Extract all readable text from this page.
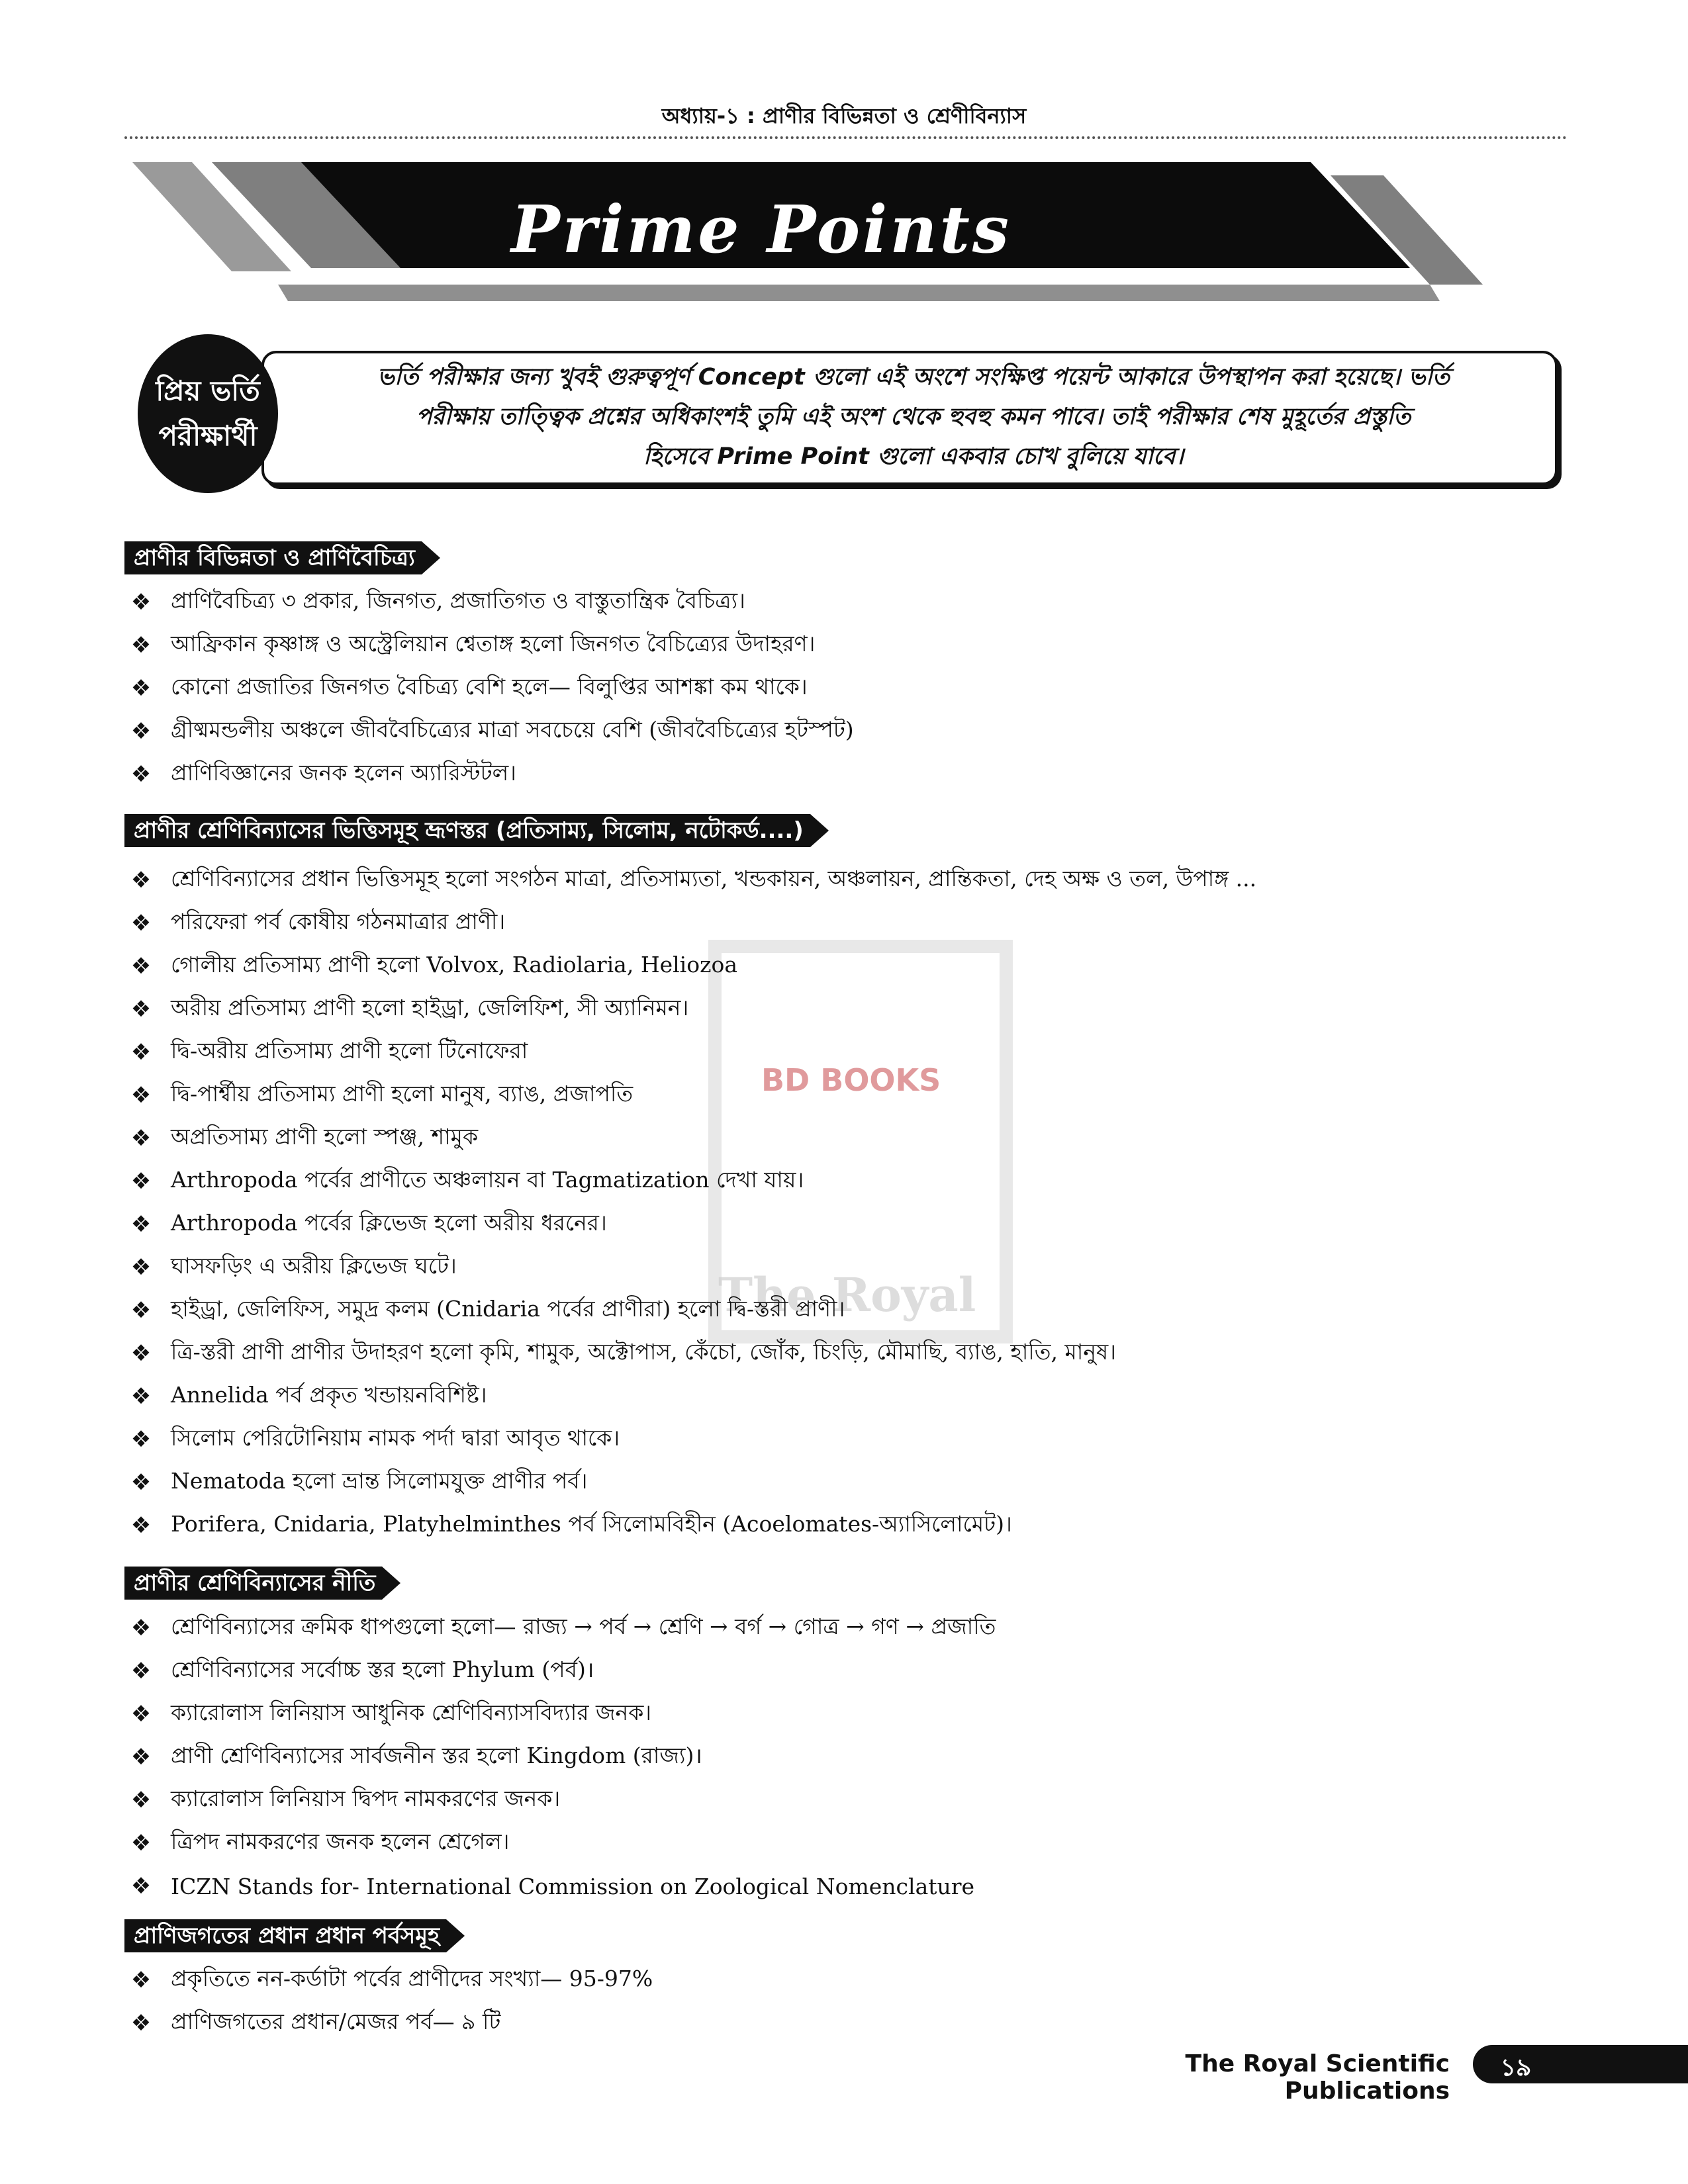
অধ্যায়-১ : প্রাণীর বিভিন্নতা ও শ্রেণীবিন্যাস
Prime Points
ভর্তি পরীক্ষার জন্য খুবই গুরুত্বপূর্ণ Concept গুলো এই অংশে সংক্ষিপ্ত পয়েন্ট আকারে উপস্থাপন করা হয়েছে। ভর্তি
পরীক্ষায় তাত্ত্বিক প্রশ্নের অধিকাংশই তুমি এই অংশ থেকে হুবহু কমন পাবে। তাই পরীক্ষার শেষ মুহূর্তের প্রস্তুতি
হিসেবে Prime Point গুলো একবার চোখ বুলিয়ে যাবে।
প্রিয় ভর্তি
পরীক্ষার্থী
BD BOOKS
The Royal
প্রাণীর বিভিন্নতা ও প্রাণিবৈচিত্র্য
❖ প্রাণিবৈচিত্র্য ৩ প্রকার, জিনগত, প্রজাতিগত ও বাস্তুতান্ত্রিক বৈচিত্র্য।
❖ আফ্রিকান কৃষ্ণাঙ্গ ও অস্ট্রেলিয়ান শ্বেতাঙ্গ হলো জিনগত বৈচিত্র্যের উদাহরণ।
❖ কোনো প্রজাতির জিনগত বৈচিত্র্য বেশি হলে— বিলুপ্তির আশঙ্কা কম থাকে।
❖ গ্রীষ্মমন্ডলীয় অঞ্চলে জীববৈচিত্র্যের মাত্রা সবচেয়ে বেশি (জীববৈচিত্র্যের হটস্পট)
❖ প্রাণিবিজ্ঞানের জনক হলেন অ্যারিস্টটল।
প্রাণীর শ্রেণিবিন্যাসের ভিত্তিসমূহ ভ্রূণস্তর (প্রতিসাম্য, সিলোম, নটোকর্ড....)
❖ শ্রেণিবিন্যাসের প্রধান ভিত্তিসমূহ হলো সংগঠন মাত্রা, প্রতিসাম্যতা, খন্ডকায়ন, অঞ্চলায়ন, প্রান্তিকতা, দেহ অক্ষ ও তল, উপাঙ্গ ...
❖ পরিফেরা পর্ব কোষীয় গঠনমাত্রার প্রাণী।
❖ গোলীয় প্রতিসাম্য প্রাণী হলো Volvox, Radiolaria, Heliozoa
❖ অরীয় প্রতিসাম্য প্রাণী হলো হাইড্রা, জেলিফিশ, সী অ্যানিমন।
❖ দ্বি-অরীয় প্রতিসাম্য প্রাণী হলো টিনোফেরা
❖ দ্বি-পার্শ্বীয় প্রতিসাম্য প্রাণী হলো মানুষ, ব্যাঙ, প্রজাপতি
❖ অপ্রতিসাম্য প্রাণী হলো স্পঞ্জ, শামুক
❖ Arthropoda পর্বের প্রাণীতে অঞ্চলায়ন বা Tagmatization দেখা যায়।
❖ Arthropoda পর্বের ক্লিভেজ হলো অরীয় ধরনের।
❖ ঘাসফড়িং এ অরীয় ক্লিভেজ ঘটে।
❖ হাইড্রা, জেলিফিস, সমুদ্র কলম (Cnidaria পর্বের প্রাণীরা) হলো দ্বি-স্তরী প্রাণী।
❖ ত্রি-স্তরী প্রাণী প্রাণীর উদাহরণ হলো কৃমি, শামুক, অক্টোপাস, কেঁচো, জোঁক, চিংড়ি, মৌমাছি, ব্যাঙ, হাতি, মানুষ।
❖ Annelida পর্ব প্রকৃত খন্ডায়নবিশিষ্ট।
❖ সিলোম পেরিটোনিয়াম নামক পর্দা দ্বারা আবৃত থাকে।
❖ Nematoda হলো ভ্রান্ত সিলোমযুক্ত প্রাণীর পর্ব।
❖ Porifera, Cnidaria, Platyhelminthes পর্ব সিলোমবিহীন (Acoelomates-অ্যাসিলোমেট)।
প্রাণীর শ্রেণিবিন্যাসের নীতি
❖ শ্রেণিবিন্যাসের ক্রমিক ধাপগুলো হলো— রাজ্য → পর্ব → শ্রেণি → বর্গ → গোত্র → গণ → প্রজাতি
❖ শ্রেণিবিন্যাসের সর্বোচ্চ স্তর হলো Phylum (পর্ব)।
❖ ক্যারোলাস লিনিয়াস আধুনিক শ্রেণিবিন্যাসবিদ্যার জনক।
❖ প্রাণী শ্রেণিবিন্যাসের সার্বজনীন স্তর হলো Kingdom (রাজ্য)।
❖ ক্যারোলাস লিনিয়াস দ্বিপদ নামকরণের জনক।
❖ ত্রিপদ নামকরণের জনক হলেন শ্রেগেল।
❖ ICZN Stands for- International Commission on Zoological Nomenclature
প্রাণিজগতের প্রধান প্রধান পর্বসমূহ
❖ প্রকৃতিতে নন-কর্ডাটা পর্বের প্রাণীদের সংখ্যা— 95-97%
❖ প্রাণিজগতের প্রধান/মেজর পর্ব— ৯ টি
The Royal Scientific Publications
১৯
